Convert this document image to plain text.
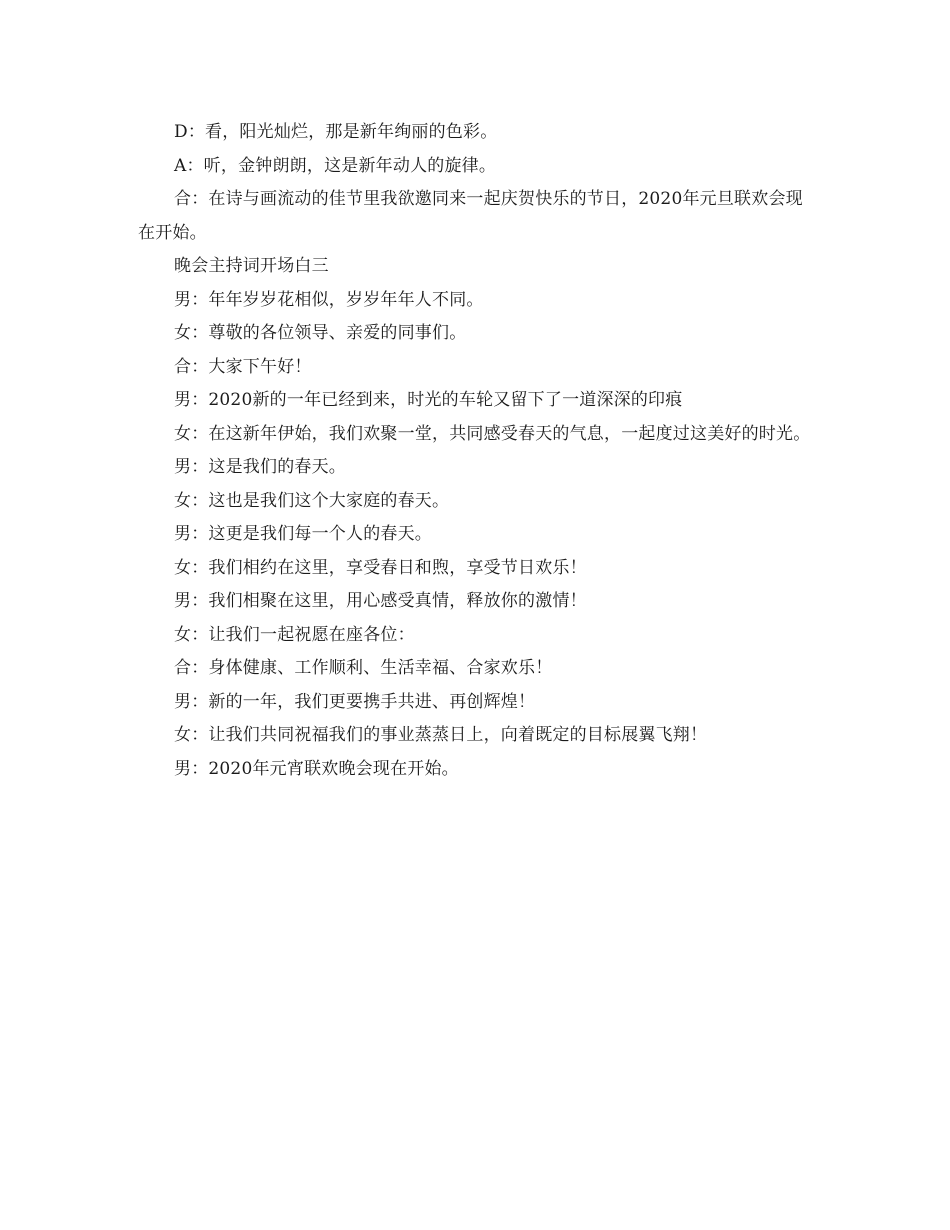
D：看，阳光灿烂，那是新年绚丽的色彩。

A：听，金钟朗朗，这是新年动人的旋律。

合：在诗与画流动的佳节里我欲邀同来一起庆贺快乐的节日，2020年元旦联欢会现在开始。

晚会主持词开场白三

男：年年岁岁花相似，岁岁年年人不同。

女：尊敬的各位领导、亲爱的同事们。

合：大家下午好！

男：2020新的一年已经到来，时光的车轮又留下了一道深深的印痕

女：在这新年伊始，我们欢聚一堂，共同感受春天的气息，一起度过这美好的时光。

男：这是我们的春天。

女：这也是我们这个大家庭的春天。

男：这更是我们每一个人的春天。

女：我们相约在这里，享受春日和煦，享受节日欢乐！

男：我们相聚在这里，用心感受真情，释放你的激情！

女：让我们一起祝愿在座各位：

合：身体健康、工作顺利、生活幸福、合家欢乐！

男：新的一年，我们更要携手共进、再创辉煌！

女：让我们共同祝福我们的事业蒸蒸日上，向着既定的目标展翼飞翔！

男：2020年元宵联欢晚会现在开始。
